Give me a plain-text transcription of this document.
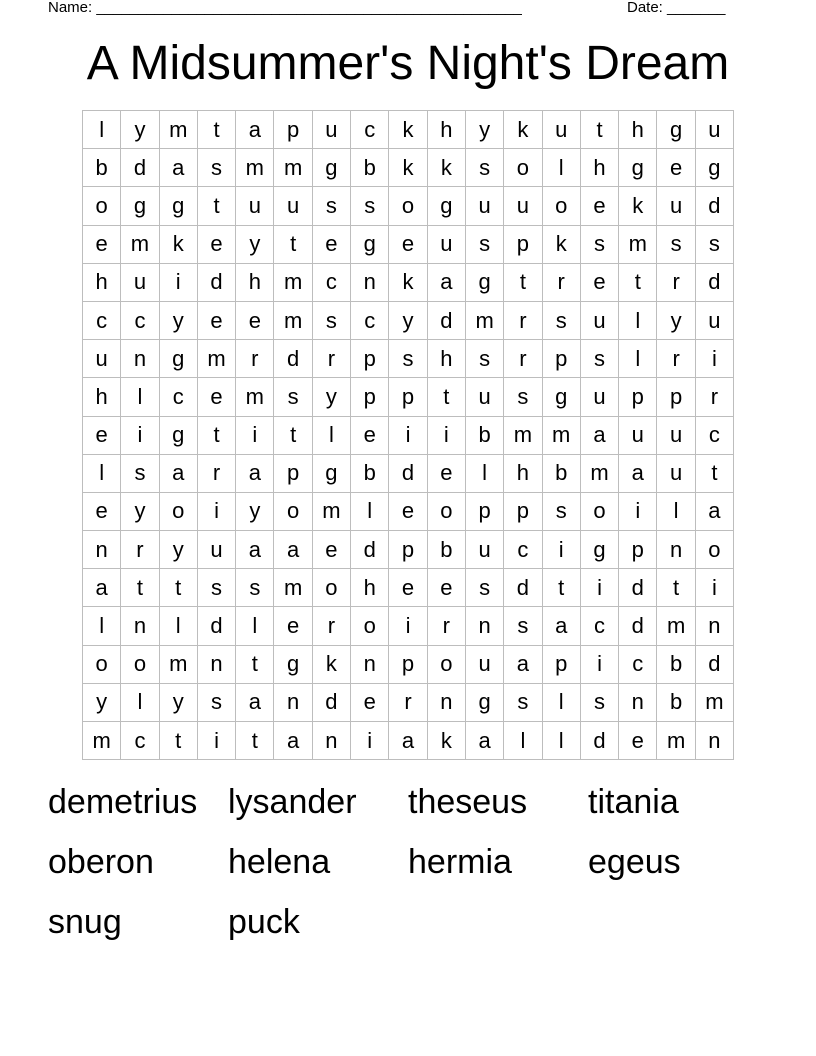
Name: ___________________________________________________	Date: _______
A Midsummer's Night's Dream
l	y	m	t	a	p	u	c	k	h	y	k	u	t	h	g	u
b	d	a	s	m	m	g	b	k	k	s	o	l	h	g	e	g
o	g	g	t	u	u	s	s	o	g	u	u	o	e	k	u	d
e	m	k	e	y	t	e	g	e	u	s	p	k	s	m	s	s
h	u	i	d	h	m	c	n	k	a	g	t	r	e	t	r	d
c	c	y	e	e	m	s	c	y	d	m	r	s	u	l	y	u
u	n	g	m	r	d	r	p	s	h	s	r	p	s	l	r	i
h	l	c	e	m	s	y	p	p	t	u	s	g	u	p	p	r
e	i	g	t	i	t	l	e	i	i	b	m	m	a	u	u	c
l	s	a	r	a	p	g	b	d	e	l	h	b	m	a	u	t
e	y	o	i	y	o	m	l	e	o	p	p	s	o	i	l	a
n	r	y	u	a	a	e	d	p	b	u	c	i	g	p	n	o
a	t	t	s	s	m	o	h	e	e	s	d	t	i	d	t	i
l	n	l	d	l	e	r	o	i	r	n	s	a	c	d	m	n
o	o	m	n	t	g	k	n	p	o	u	a	p	i	c	b	d
y	l	y	s	a	n	d	e	r	n	g	s	l	s	n	b	m
m	c	t	i	t	a	n	i	a	k	a	l	l	d	e	m	n
demetrius lysander theseus titania
oberon helena hermia egeus
snug	puck
